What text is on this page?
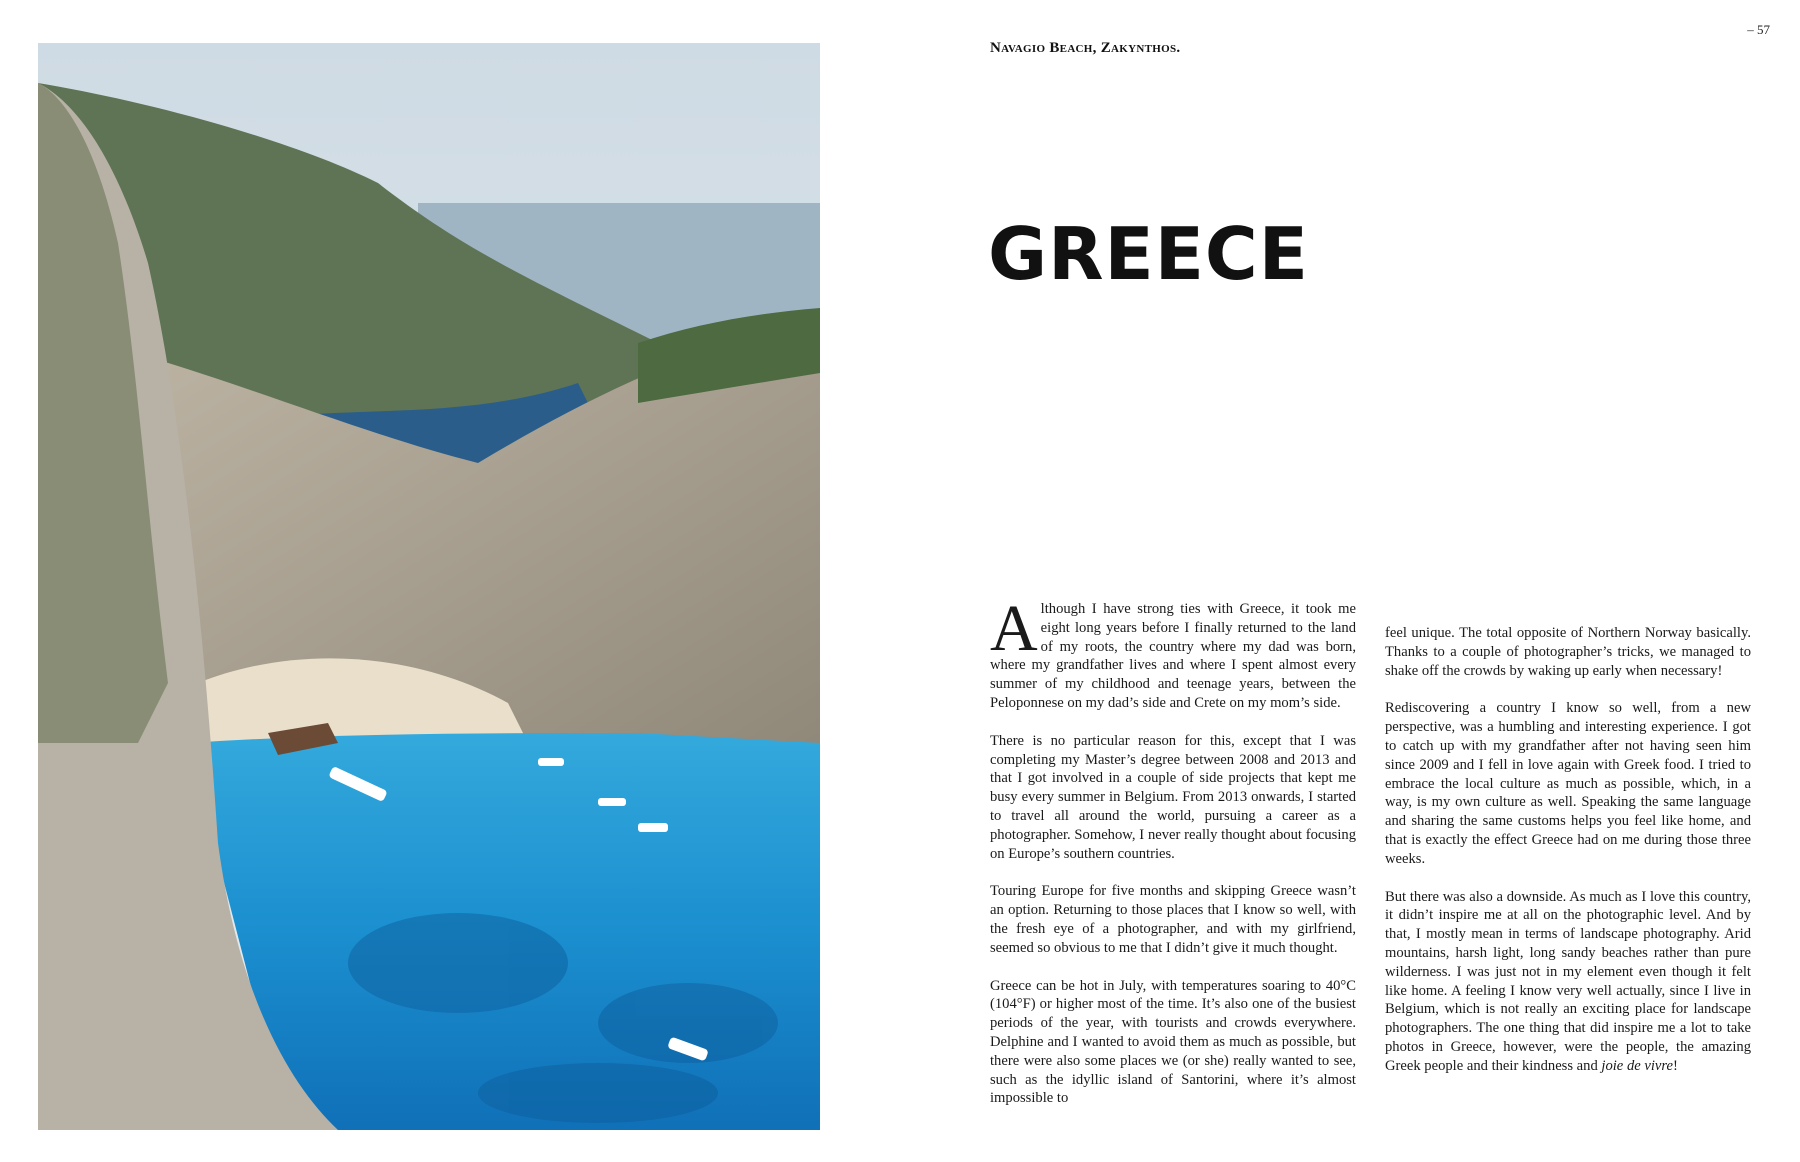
– 57
Navagio Beach, Zakynthos.
GREECE

Although I have strong ties with Greece, it took me eight long years before I finally returned to the land of my roots, the country where my dad was born, where my grandfather lives and where I spent almost every summer of my childhood and teenage years, between the Peloponnese on my dad’s side and Crete on my mom’s side.

There is no particular reason for this, except that I was completing my Master’s degree between 2008 and 2013 and that I got involved in a couple of side projects that kept me busy every summer in Belgium. From 2013 onwards, I started to travel all around the world, pursuing a career as a photographer. Somehow, I never really thought about focusing on Europe’s southern countries.

Touring Europe for five months and skipping Greece wasn’t an option. Returning to those places that I know so well, with the fresh eye of a photographer, and with my girlfriend, seemed so obvious to me that I didn’t give it much thought.

Greece can be hot in July, with temperatures soaring to 40°C (104°F) or higher most of the time. It’s also one of the busiest periods of the year, with tourists and crowds everywhere. Delphine and I wanted to avoid them as much as possible, but there were also some places we (or she) really wanted to see, such as the idyllic island of Santorini, where it’s almost impossible to

feel unique. The total opposite of Northern Norway basically. Thanks to a couple of photographer’s tricks, we managed to shake off the crowds by waking up early when necessary!

Rediscovering a country I know so well, from a new perspective, was a humbling and interesting experience. I got to catch up with my grandfather after not having seen him since 2009 and I fell in love again with Greek food. I tried to embrace the local culture as much as possible, which, in a way, is my own culture as well. Speaking the same language and sharing the same customs helps you feel like home, and that is exactly the effect Greece had on me during those three weeks.

But there was also a downside. As much as I love this country, it didn’t inspire me at all on the photographic level. And by that, I mostly mean in terms of landscape photography. Arid mountains, harsh light, long sandy beaches rather than pure wilderness. I was just not in my element even though it felt like home. A feeling I know very well actually, since I live in Belgium, which is not really an exciting place for landscape photographers. The one thing that did inspire me a lot to take photos in Greece, however, were the people, the amazing Greek people and their kindness and joie de vivre!
